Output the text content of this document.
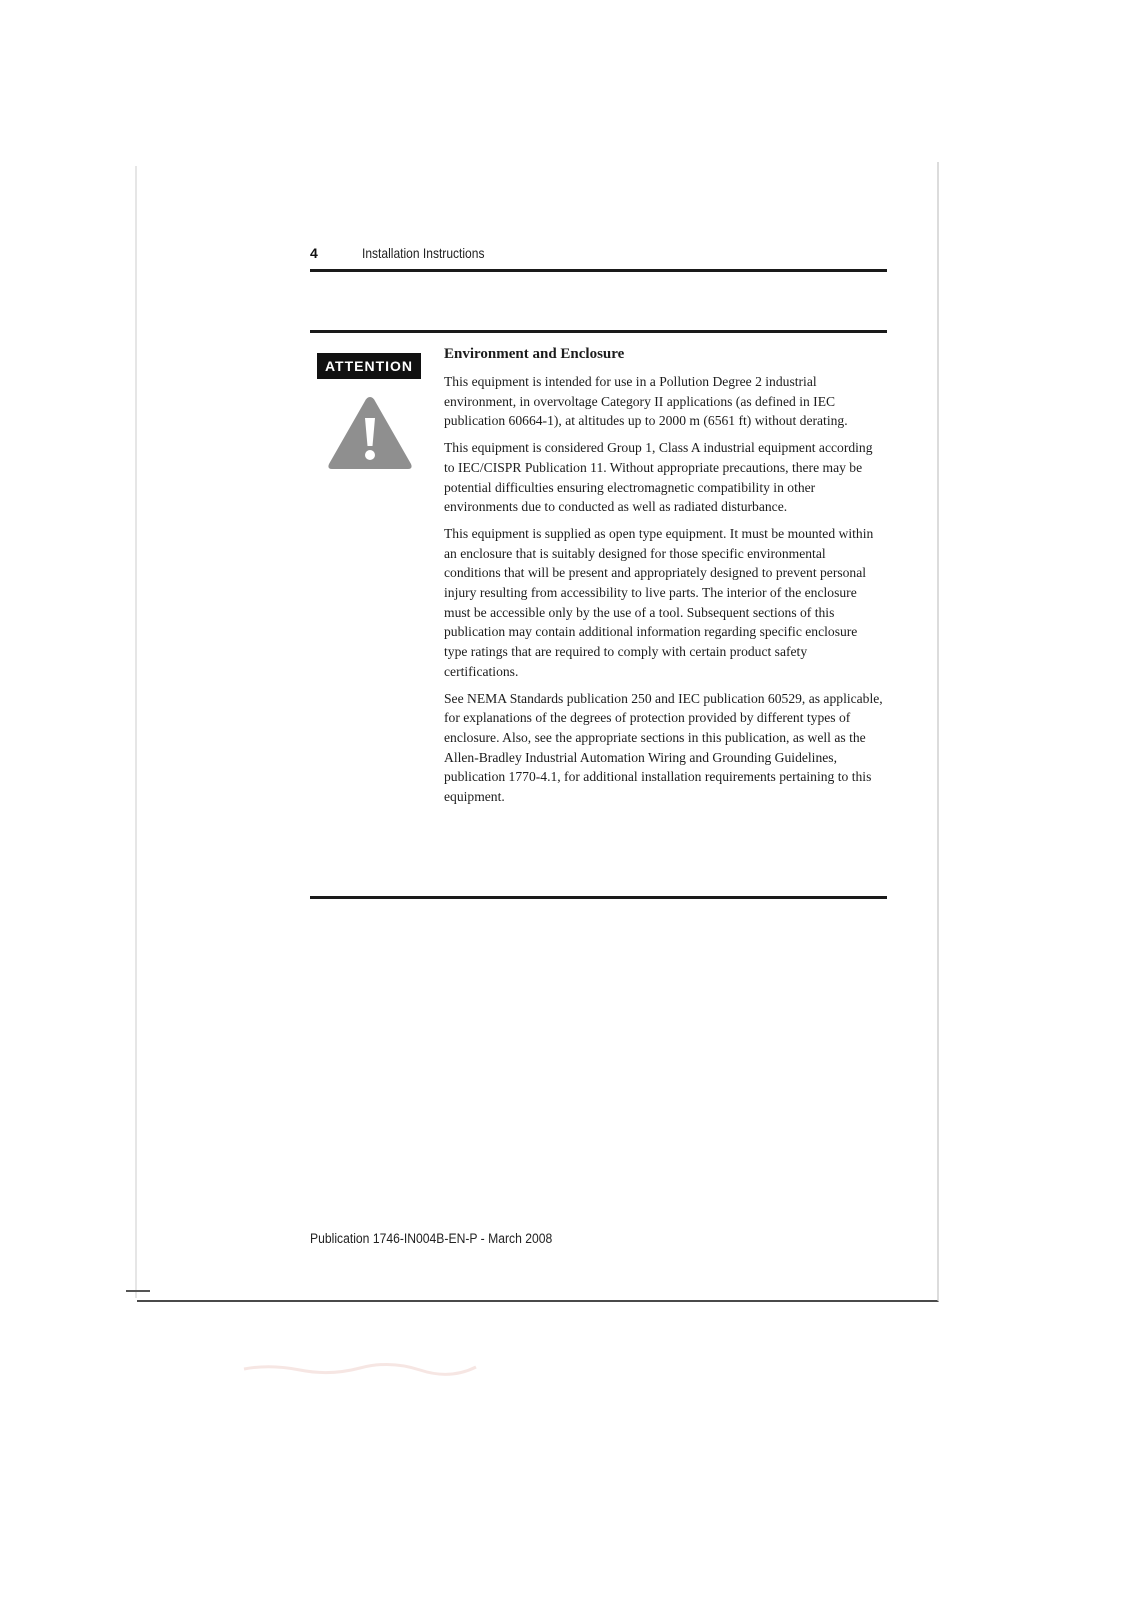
4	Installation Instructions
ATTENTION
Environment and Enclosure

This equipment is intended for use in a Pollution Degree 2 industrial environment, in overvoltage Category II applications (as defined in IEC publication 60664-1), at altitudes up to 2000 m (6561 ft) without derating.

This equipment is considered Group 1, Class A industrial equipment according to IEC/CISPR Publication 11. Without appropriate precautions, there may be potential difficulties ensuring electromagnetic compatibility in other environments due to conducted as well as radiated disturbance.

This equipment is supplied as open type equipment. It must be mounted within an enclosure that is suitably designed for those specific environmental conditions that will be present and appropriately designed to prevent personal injury resulting from accessibility to live parts. The interior of the enclosure must be accessible only by the use of a tool. Subsequent sections of this publication may contain additional information regarding specific enclosure type ratings that are required to comply with certain product safety certifications.

See NEMA Standards publication 250 and IEC publication 60529, as applicable, for explanations of the degrees of protection provided by different types of enclosure. Also, see the appropriate sections in this publication, as well as the Allen-Bradley Industrial Automation Wiring and Grounding Guidelines, publication 1770-4.1, for additional installation requirements pertaining to this equipment.

Publication 1746-IN004B-EN-P - March 2008
